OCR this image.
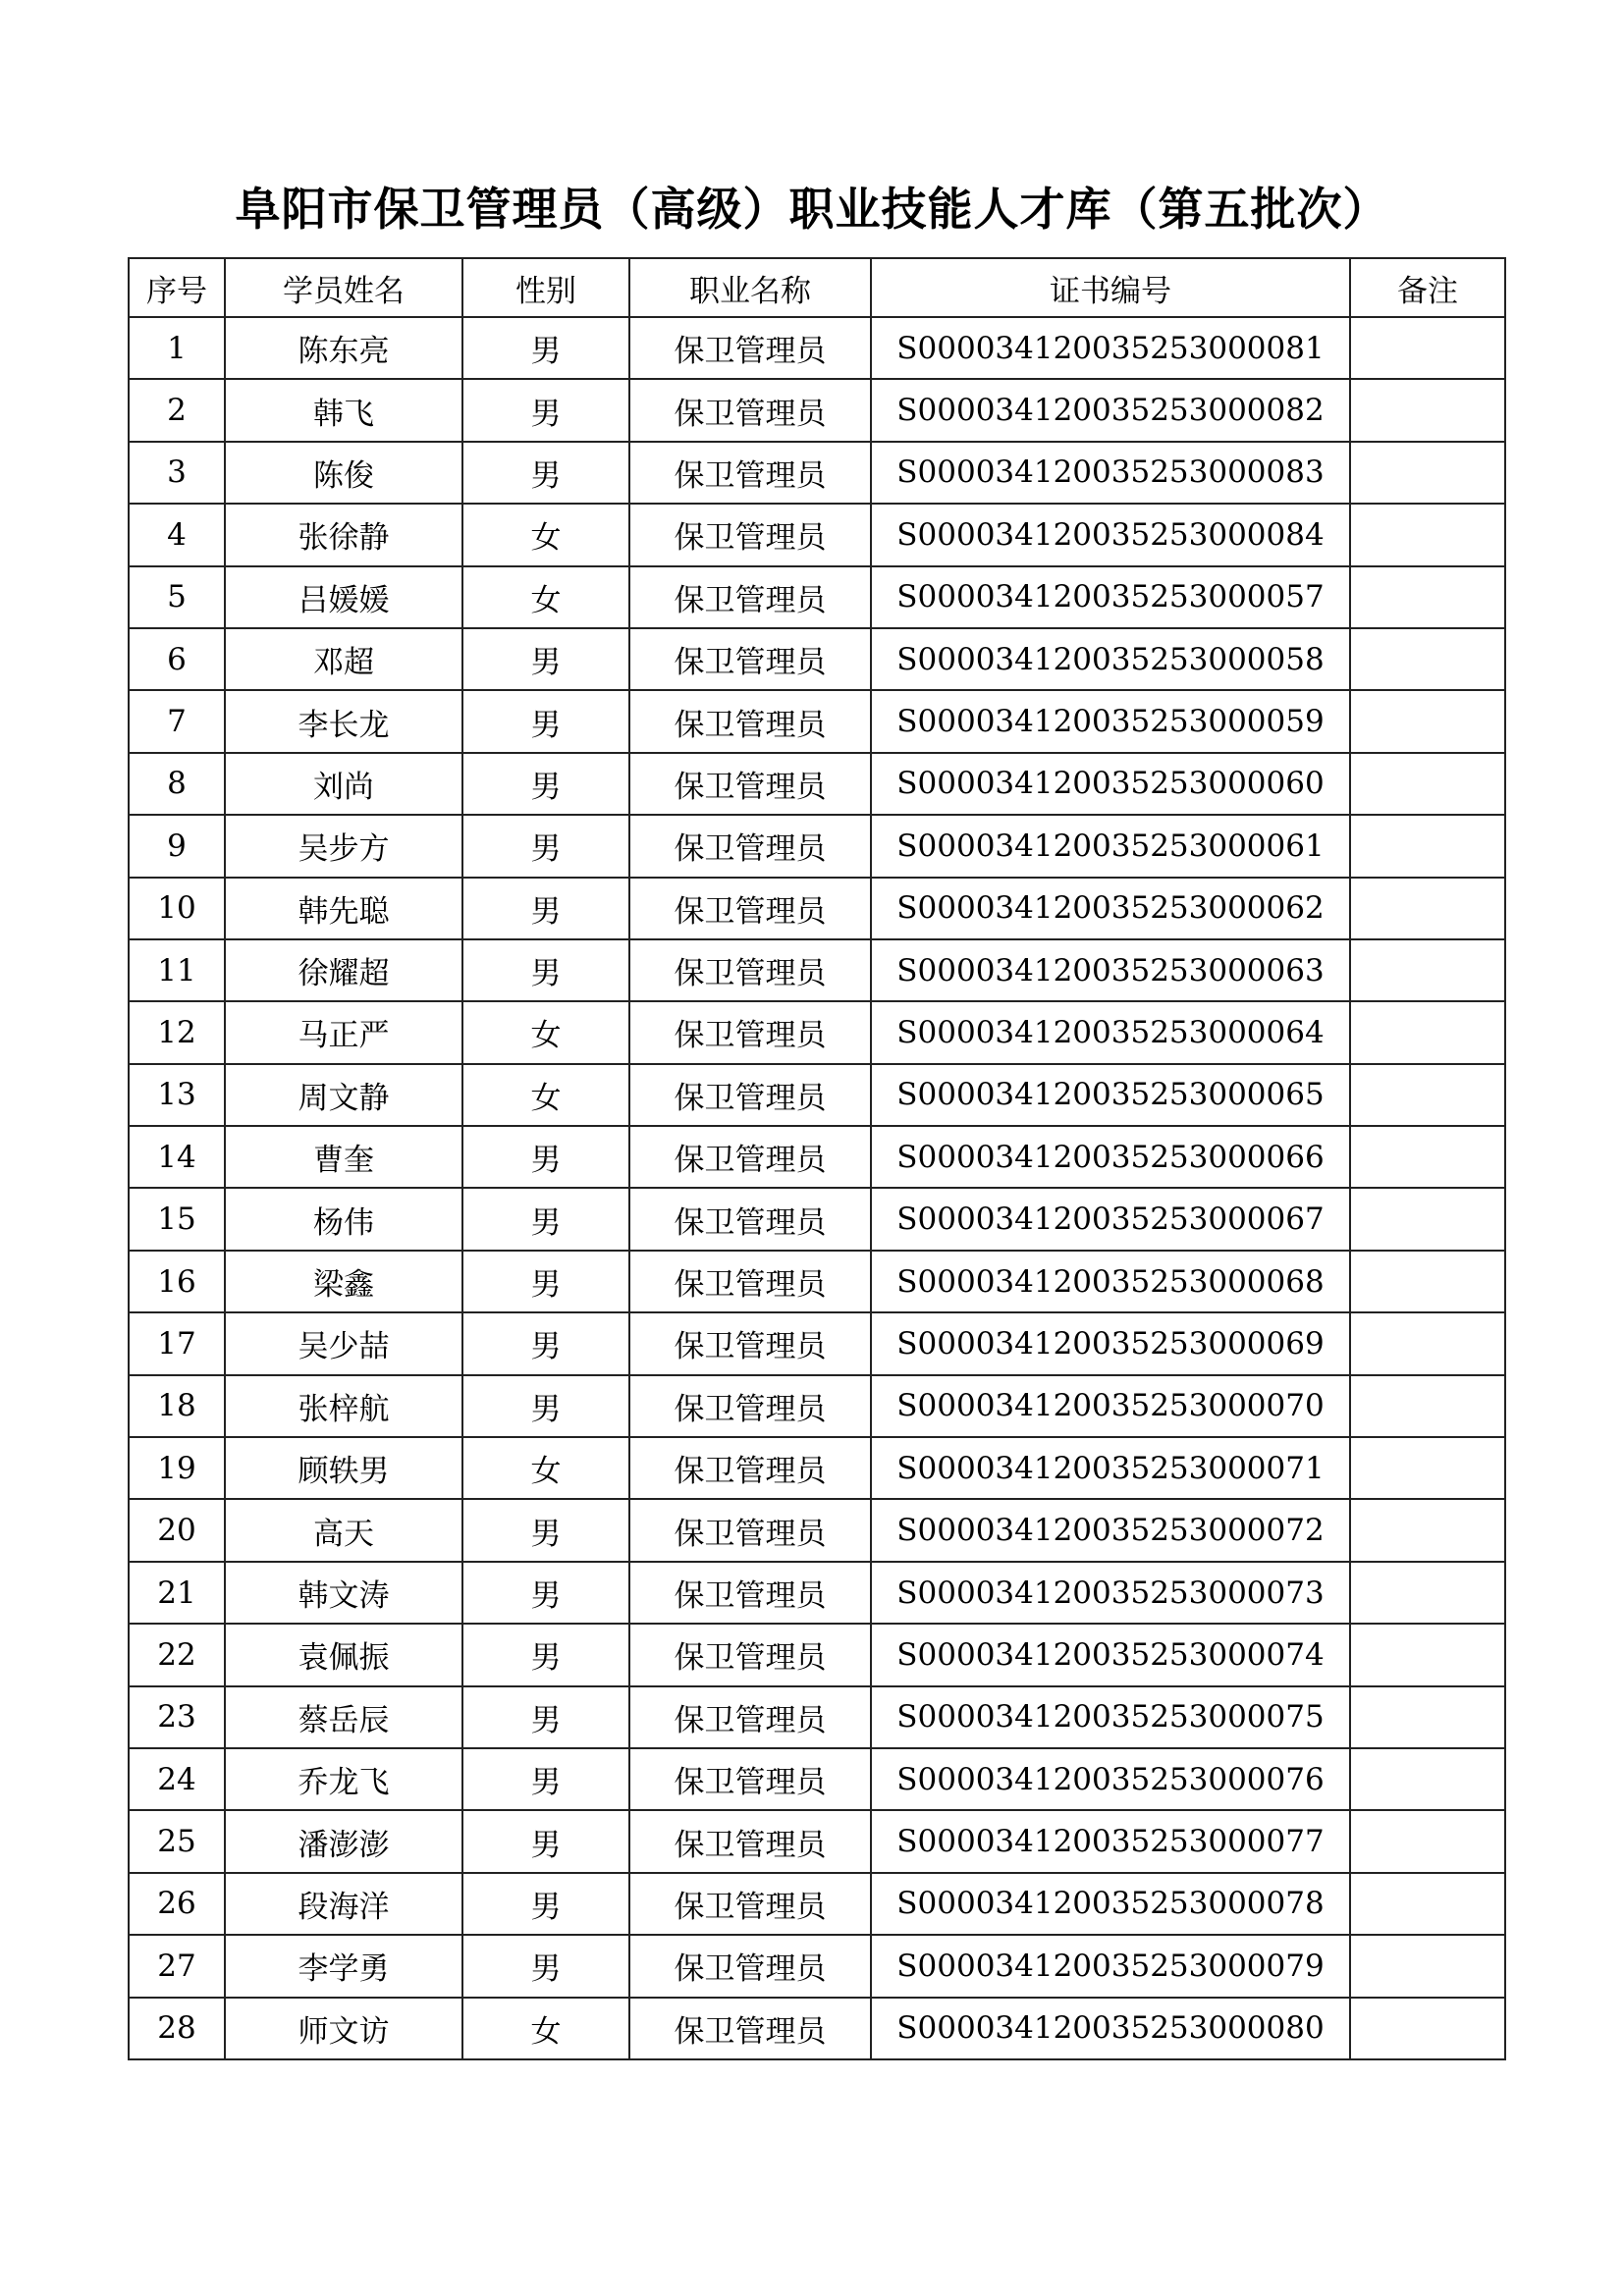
阜阳市保卫管理员（高级）职业技能人才库（第五批次）
序号	学员姓名	性别	职业名称	证书编号	备注
1	陈东亮	男	保卫管理员	S000034120035253000081	
2	韩飞	男	保卫管理员	S000034120035253000082	
3	陈俊	男	保卫管理员	S000034120035253000083	
4	张徐静	女	保卫管理员	S000034120035253000084	
5	吕媛媛	女	保卫管理员	S000034120035253000057	
6	邓超	男	保卫管理员	S000034120035253000058	
7	李长龙	男	保卫管理员	S000034120035253000059	
8	刘尚	男	保卫管理员	S000034120035253000060	
9	吴步方	男	保卫管理员	S000034120035253000061	
10	韩先聪	男	保卫管理员	S000034120035253000062	
11	徐耀超	男	保卫管理员	S000034120035253000063	
12	马正严	女	保卫管理员	S000034120035253000064	
13	周文静	女	保卫管理员	S000034120035253000065	
14	曹奎	男	保卫管理员	S000034120035253000066	
15	杨伟	男	保卫管理员	S000034120035253000067	
16	梁鑫	男	保卫管理员	S000034120035253000068	
17	吴少喆	男	保卫管理员	S000034120035253000069	
18	张梓航	男	保卫管理员	S000034120035253000070	
19	顾轶男	女	保卫管理员	S000034120035253000071	
20	高天	男	保卫管理员	S000034120035253000072	
21	韩文涛	男	保卫管理员	S000034120035253000073	
22	袁佩振	男	保卫管理员	S000034120035253000074	
23	蔡岳辰	男	保卫管理员	S000034120035253000075	
24	乔龙飞	男	保卫管理员	S000034120035253000076	
25	潘澎澎	男	保卫管理员	S000034120035253000077	
26	段海洋	男	保卫管理员	S000034120035253000078	
27	李学勇	男	保卫管理员	S000034120035253000079	
28	师文访	女	保卫管理员	S000034120035253000080	
